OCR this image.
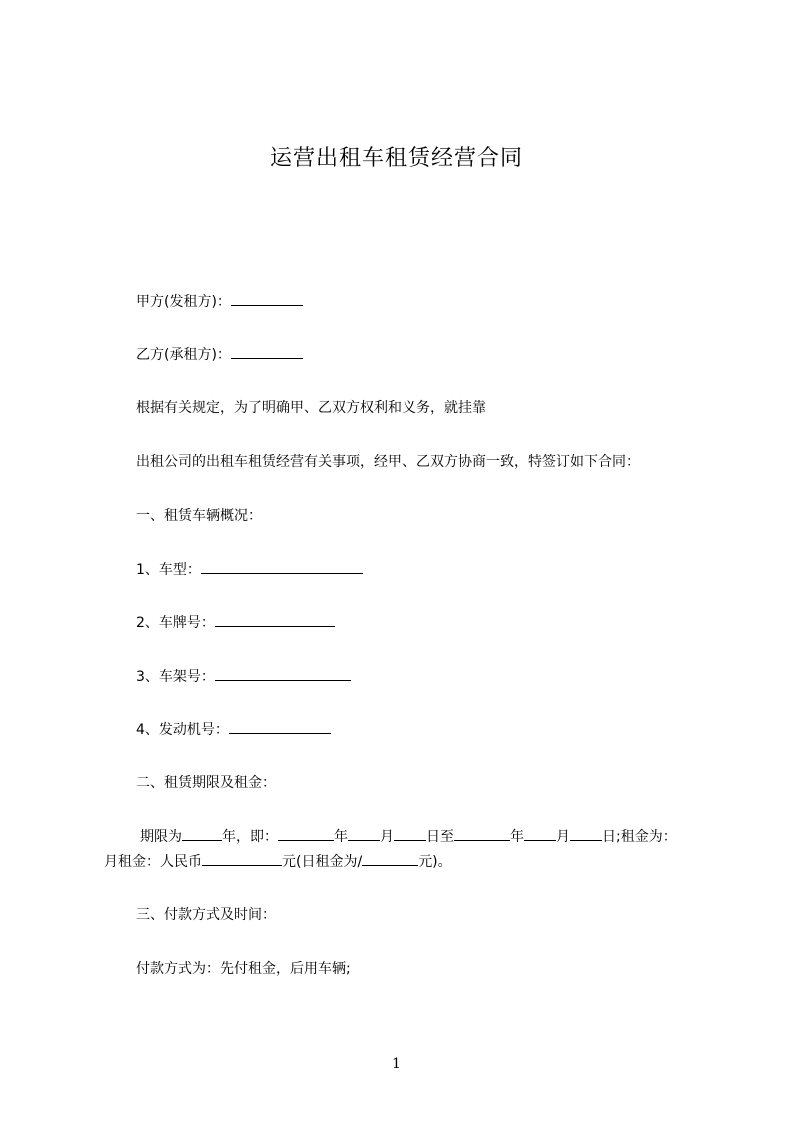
运营出租车租赁经营合同
甲方(发租方)：
乙方(承租方)：
根据有关规定，为了明确甲、乙双方权利和义务，就挂靠
出租公司的出租车租赁经营有关事项，经甲、乙双方协商一致，特签订如下合同：
一、租赁车辆概况：
1、车型：
2、车牌号：
3、车架号：
4、发动机号：
二、租赁期限及租金：
期限为	年，即：	年 月 日至	年 月 日;租金为：
月租金：人民币	元(日租金为/	元)。
三、付款方式及时间：
付款方式为：先付租金，后用车辆;
1
